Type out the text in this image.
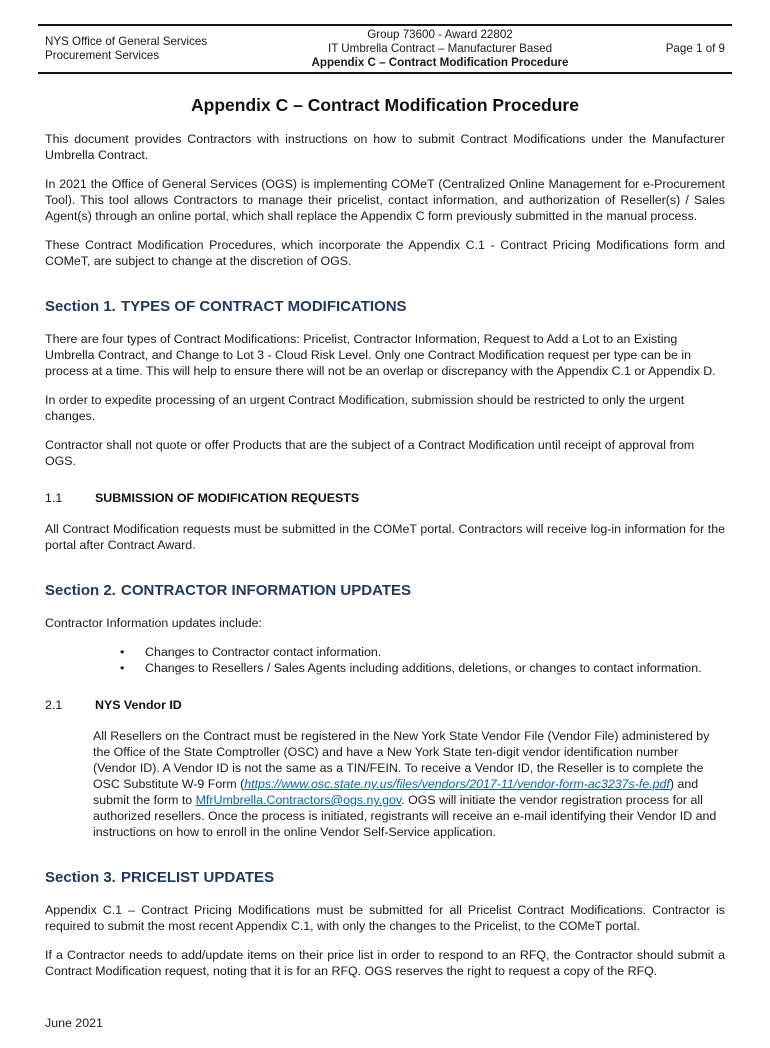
NYS Office of General Services
Procurement Services
Group 73600 - Award 22802
IT Umbrella Contract – Manufacturer Based
Appendix C – Contract Modification Procedure
Page 1 of 9
Appendix C – Contract Modification Procedure

This document provides Contractors with instructions on how to submit Contract Modifications under the Manufacturer Umbrella Contract.

In 2021 the Office of General Services (OGS) is implementing COMeT (Centralized Online Management for e-Procurement Tool). This tool allows Contractors to manage their pricelist, contact information, and authorization of Reseller(s) / Sales Agent(s) through an online portal, which shall replace the Appendix C form previously submitted in the manual process.

These Contract Modification Procedures, which incorporate the Appendix C.1 - Contract Pricing Modifications form and COMeT, are subject to change at the discretion of OGS.

Section 1. TYPES OF CONTRACT MODIFICATIONS

There are four types of Contract Modifications: Pricelist, Contractor Information, Request to Add a Lot to an Existing Umbrella Contract, and Change to Lot 3 - Cloud Risk Level. Only one Contract Modification request per type can be in process at a time. This will help to ensure there will not be an overlap or discrepancy with the Appendix C.1 or Appendix D.

In order to expedite processing of an urgent Contract Modification, submission should be restricted to only the urgent changes.

Contractor shall not quote or offer Products that are the subject of a Contract Modification until receipt of approval from OGS.

1.1	SUBMISSION OF MODIFICATION REQUESTS

All Contract Modification requests must be submitted in the COMeT portal. Contractors will receive log-in information for the portal after Contract Award.

Section 2. CONTRACTOR INFORMATION UPDATES

Contractor Information updates include:

•	Changes to Contractor contact information.
•	Changes to Resellers / Sales Agents including additions, deletions, or changes to contact information.
2.1	NYS Vendor ID

All Resellers on the Contract must be registered in the New York State Vendor File (Vendor File) administered by the Office of the State Comptroller (OSC) and have a New York State ten-digit vendor identification number (Vendor ID). A Vendor ID is not the same as a TIN/FEIN. To receive a Vendor ID, the Reseller is to complete the OSC Substitute W-9 Form (https://www.osc.state.ny.us/files/vendors/2017-11/vendor-form-ac3237s-fe.pdf) and submit the form to MfrUmbrella.Contractors@ogs.ny.gov. OGS will initiate the vendor registration process for all authorized resellers. Once the process is initiated, registrants will receive an e-mail identifying their Vendor ID and instructions on how to enroll in the online Vendor Self-Service application.

Section 3. PRICELIST UPDATES

Appendix C.1 – Contract Pricing Modifications must be submitted for all Pricelist Contract Modifications. Contractor is required to submit the most recent Appendix C.1, with only the changes to the Pricelist, to the COMeT portal.

If a Contractor needs to add/update items on their price list in order to respond to an RFQ, the Contractor should submit a Contract Modification request, noting that it is for an RFQ. OGS reserves the right to request a copy of the RFQ.

June 2021
